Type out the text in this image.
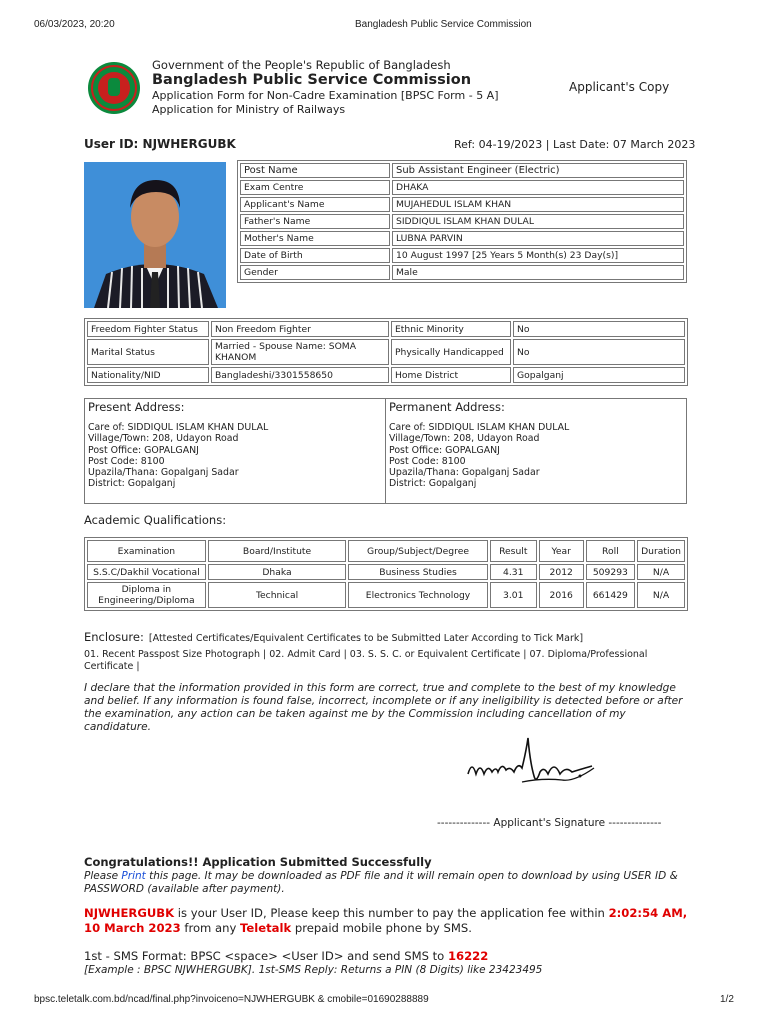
06/03/2023, 20:20	Bangladesh Public Service Commission
bpsc.teletalk.com.bd/ncad/final.php?invoiceno=NJWHERGUBK & cmobile=01690288889	1/2
Government of the People's Republic of Bangladesh
Bangladesh Public Service Commission
Application Form for Non-Cadre Examination [BPSC Form - 5 A]
Application for Ministry of Railways
Applicant's Copy
User ID: NJWHERGUBK	Ref: 04-19/2023 | Last Date: 07 March 2023
Post Name	Sub Assistant Engineer (Electric)
Exam Centre	DHAKA
Applicant's Name	MUJAHEDUL ISLAM KHAN
Father's Name	SIDDIQUL ISLAM KHAN DULAL
Mother's Name	LUBNA PARVIN
Date of Birth	10 August 1997 [25 Years 5 Month(s) 23 Day(s)]
Gender	Male
Freedom Fighter Status	Non Freedom Fighter	Ethnic Minority	No
Marital Status	Married - Spouse Name: SOMA KHANOM	Physically Handicapped	No
Nationality/NID	Bangladeshi/3301558650	Home District	Gopalganj
Present Address:
Care of: SIDDIQUL ISLAM KHAN DULAL
Village/Town: 208, Udayon Road
Post Office: GOPALGANJ
Post Code: 8100
Upazila/Thana: Gopalganj Sadar
District: Gopalganj
Permanent Address:
Care of: SIDDIQUL ISLAM KHAN DULAL
Village/Town: 208, Udayon Road
Post Office: GOPALGANJ
Post Code: 8100
Upazila/Thana: Gopalganj Sadar
District: Gopalganj
Academic Qualifications:
Examination	Board/Institute	Group/Subject/Degree	Result	Year	Roll	Duration
S.S.C/Dakhil Vocational	Dhaka	Business Studies	4.31	2012	509293	N/A
Diploma in Engineering/Diploma	Technical	Electronics Technology	3.01	2016	661429	N/A
Enclosure: [Attested Certificates/Equivalent Certificates to be Submitted Later According to Tick Mark]
01. Recent Passpost Size Photograph | 02. Admit Card | 03. S. S. C. or Equivalent Certificate | 07. Diploma/Professional Certificate |
I declare that the information provided in this form are correct, true and complete to the best of my knowledge and belief. If any information is found false, incorrect, incomplete or if any ineligibility is detected before or after the examination, any action can be taken against me by the Commission including cancellation of my candidature.
-------------- Applicant's Signature --------------
Congratulations!! Application Submitted Successfully
Please Print this page. It may be downloaded as PDF file and it will remain open to download by using USER ID & PASSWORD (available after payment).
NJWHERGUBK is your User ID, Please keep this number to pay the application fee within 2:02:54 AM, 10 March 2023 from any Teletalk prepaid mobile phone by SMS.
1st - SMS Format: BPSC <space> <User ID> and send SMS to 16222
[Example : BPSC NJWHERGUBK]. 1st-SMS Reply: Returns a PIN (8 Digits) like 23423495
